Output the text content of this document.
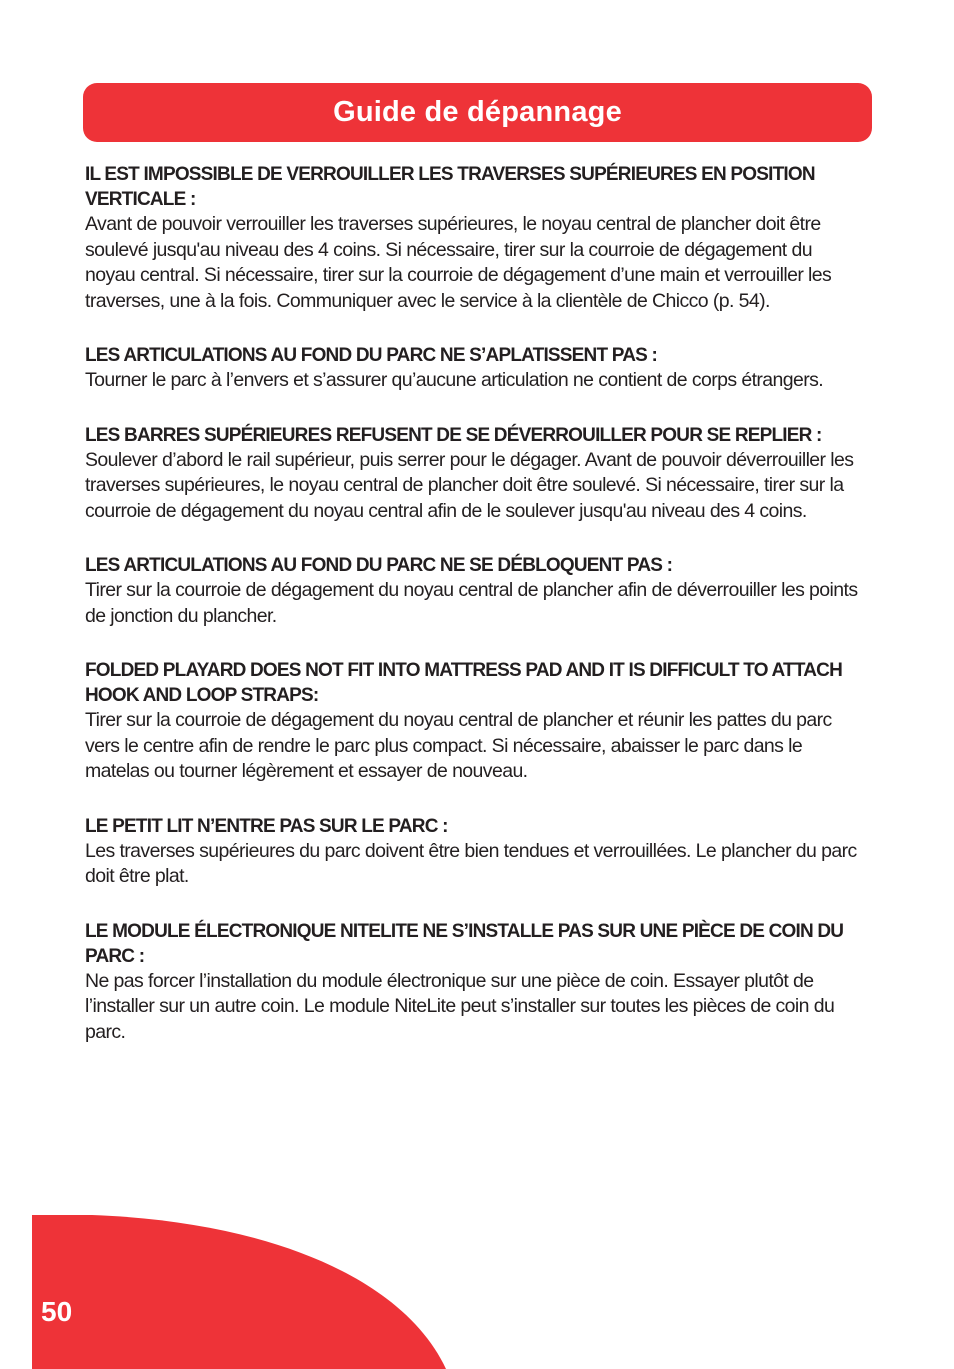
Guide de dépannage
IL EST IMPOSSIBLE DE VERROUILLER LES TRAVERSES SUPÉRIEURES EN POSITION VERTICALE :
Avant de pouvoir verrouiller les traverses supérieures, le noyau central de plancher doit être soulevé jusqu'au niveau des 4 coins. Si nécessaire, tirer sur la courroie de dégagement du noyau central. Si nécessaire, tirer sur la courroie de dégagement d’une main et verrouiller les traverses, une à la fois. Communiquer avec le service à la clientèle de Chicco (p. 54).
LES ARTICULATIONS AU FOND DU PARC NE S’APLATISSENT PAS :
Tourner le parc à l’envers et s’assurer qu’aucune articulation ne contient de corps étrangers.
LES BARRES SUPÉRIEURES REFUSENT DE SE DÉVERROUILLER POUR SE REPLIER :
Soulever d’abord le rail supérieur, puis serrer pour le dégager. Avant de pouvoir déverrouiller les traverses supérieures, le noyau central de plancher doit être soulevé. Si nécessaire, tirer sur la courroie de dégagement du noyau central afin de le soulever jusqu'au niveau des 4 coins.
LES ARTICULATIONS AU FOND DU PARC NE SE DÉBLOQUENT PAS :
Tirer sur la courroie de dégagement du noyau central de plancher afin de déverrouiller les points de jonction du plancher.
FOLDED PLAYARD DOES NOT FIT INTO MATTRESS PAD AND IT IS DIFFICULT TO ATTACH HOOK AND LOOP STRAPS:
Tirer sur la courroie de dégagement du noyau central de plancher et réunir les pattes du parc vers le centre afin de rendre le parc plus compact. Si nécessaire, abaisser le parc dans le matelas ou tourner légèrement et essayer de nouveau.
LE PETIT LIT N’ENTRE PAS SUR LE PARC :
Les traverses supérieures du parc doivent être bien tendues et verrouillées. Le plancher du parc doit être plat.
LE MODULE ÉLECTRONIQUE NITELITE NE S’INSTALLE PAS SUR UNE PIÈCE DE COIN DU PARC :
Ne pas forcer l’installation du module électronique sur une pièce de coin. Essayer plutôt de l’installer sur un autre coin. Le module NiteLite peut s’installer sur toutes les pièces de coin du parc.
50
